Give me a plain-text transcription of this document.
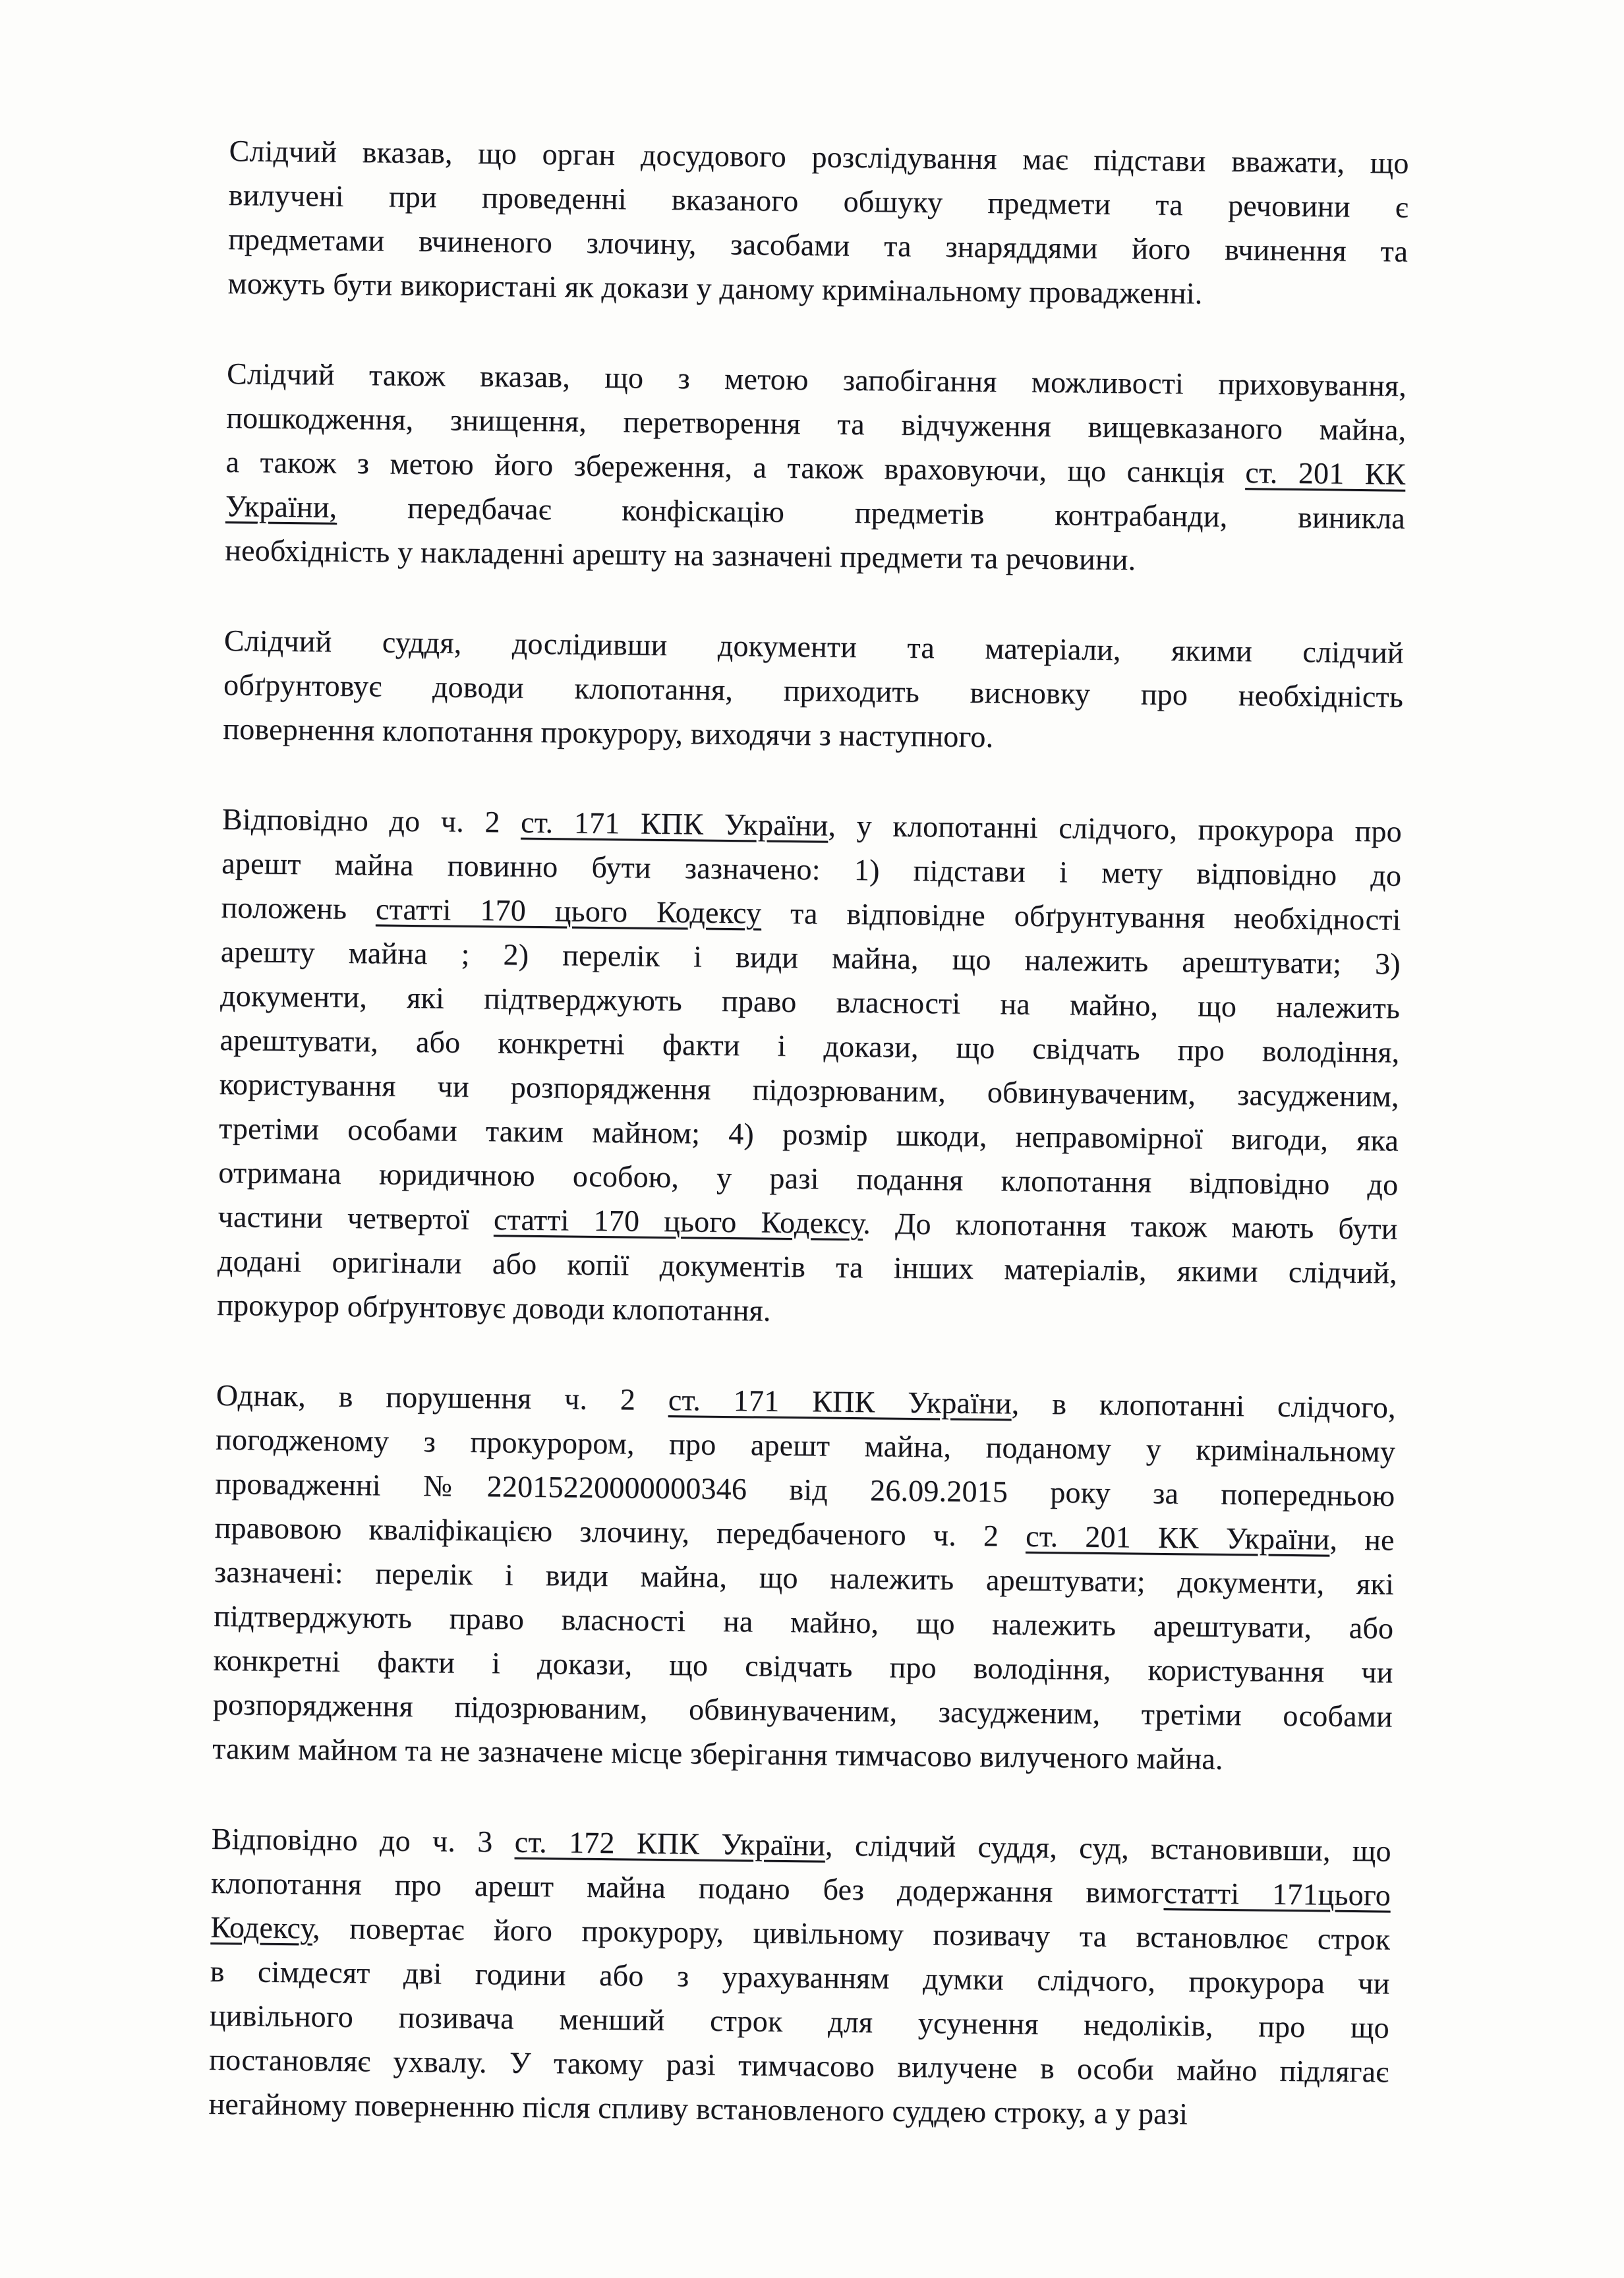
Слідчий вказав, що орган досудового розслідування має підстави вважати, що
вилучені при проведенні вказаного обшуку предмети та речовини є
предметами вчиненого злочину, засобами та знаряддями його вчинення та
можуть бути використані як докази у даному кримінальному провадженні.
Слідчий також вказав, що з метою запобігання можливості приховування,
пошкодження, знищення, перетворення та відчуження вищевказаного майна,
а також з метою його збереження, а також враховуючи, що санкція ст. 201 КК
України, передбачає конфіскацію предметів контрабанди, виникла
необхідність у накладенні арешту на зазначені предмети та речовини.
Слідчий суддя, дослідивши документи та матеріали, якими слідчий
обґрунтовує доводи клопотання, приходить висновку про необхідність
повернення клопотання прокурору, виходячи з наступного.
Відповідно до ч. 2 ст. 171 КПК України, у клопотанні слідчого, прокурора про
арешт майна повинно бути зазначено: 1) підстави і мету відповідно до
положень статті 170 цього Кодексу та відповідне обґрунтування необхідності
арешту майна ; 2) перелік і види майна, що належить арештувати; 3)
документи, які підтверджують право власності на майно, що належить
арештувати, або конкретні факти і докази, що свідчать про володіння,
користування чи розпорядження підозрюваним, обвинуваченим, засудженим,
третіми особами таким майном; 4) розмір шкоди, неправомірної вигоди, яка
отримана юридичною особою, у разі подання клопотання відповідно до
частини четвертої статті 170 цього Кодексу. До клопотання також мають бути
додані оригінали або копії документів та інших матеріалів, якими слідчий,
прокурор обґрунтовує доводи клопотання.
Однак, в порушення ч. 2 ст. 171 КПК України, в клопотанні слідчого,
погодженому з прокурором, про арешт майна, поданому у кримінальному
провадженні №22015220000000346 від 26.09.2015 року за попередньою
правовою кваліфікацією злочину, передбаченого ч. 2 ст. 201 КК України, не
зазначені: перелік і види майна, що належить арештувати; документи, які
підтверджують право власності на майно, що належить арештувати, або
конкретні факти і докази, що свідчать про володіння, користування чи
розпорядження підозрюваним, обвинуваченим, засудженим, третіми особами
таким майном та не зазначене місце зберігання тимчасово вилученого майна.
Відповідно до ч. 3 ст. 172 КПК України, слідчий суддя, суд, встановивши, що
клопотання про арешт майна подано без додержання вимогстатті 171цього
Кодексу, повертає його прокурору, цивільному позивачу та встановлює строк
в сімдесят дві години або з урахуванням думки слідчого, прокурора чи
цивільного позивача менший строк для усунення недоліків, про що
постановляє ухвалу. У такому разі тимчасово вилучене в особи майно підлягає
негайному поверненню після спливу встановленого суддею строку, а у разі
